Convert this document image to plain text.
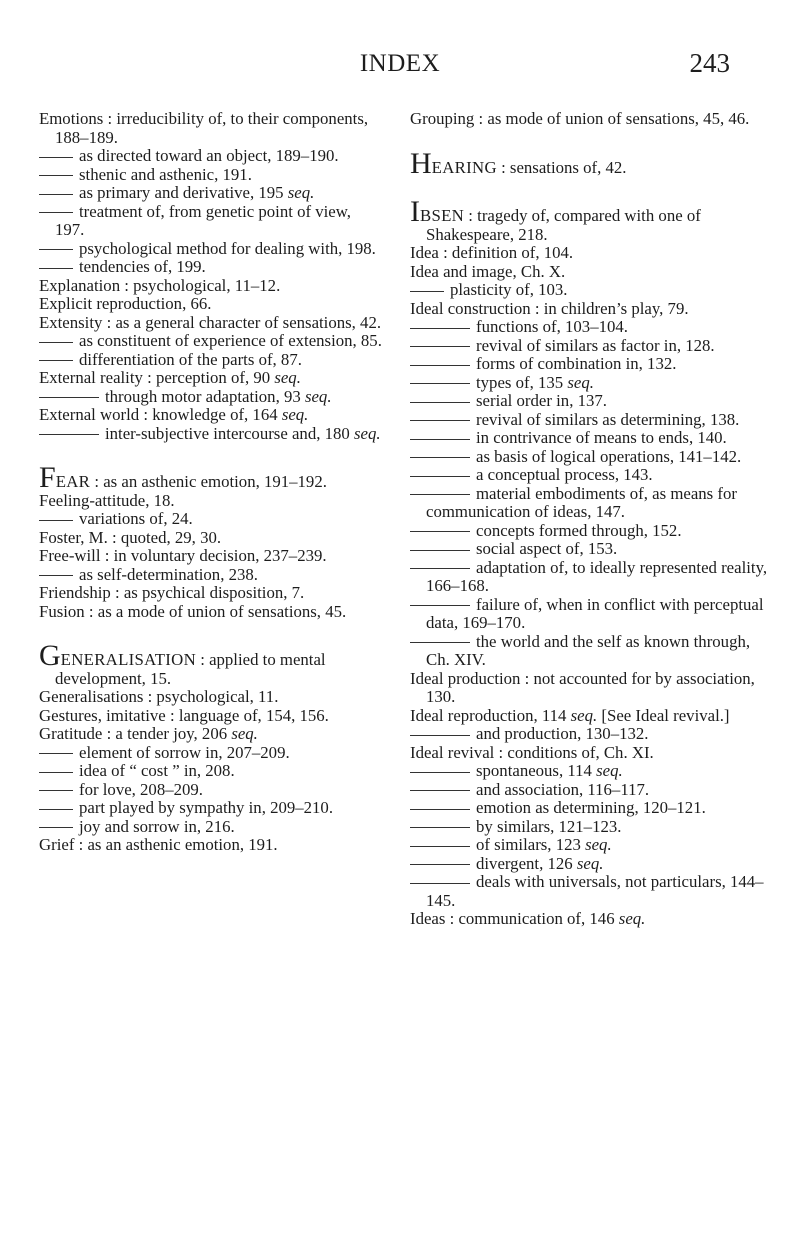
INDEX	243
Emotions : irreducibility of, to their components, 188–189.
as directed toward an object, 189–190.
sthenic and asthenic, 191.
as primary and derivative, 195 seq.
treatment of, from genetic point of view, 197.
psychological method for dealing with, 198.
tendencies of, 199.
Explanation : psychological, 11–12.
Explicit reproduction, 66.
Extensity : as a general character of sensations, 42.
as constituent of experience of extension, 85.
differentiation of the parts of, 87.
External reality : perception of, 90 seq.
through motor adaptation, 93 seq.
External world : knowledge of, 164 seq.
inter-subjective intercourse and, 180 seq.
FEAR : as an asthenic emotion, 191–192.
Feeling-attitude, 18.
variations of, 24.
Foster, M. : quoted, 29, 30.
Free-will : in voluntary decision, 237–239.
as self-determination, 238.
Friendship : as psychical disposition, 7.
Fusion : as a mode of union of sensations, 45.
GENERALISATION : applied to mental development, 15.
Generalisations : psychological, 11.
Gestures, imitative : language of, 154, 156.
Gratitude : a tender joy, 206 seq.
element of sorrow in, 207–209.
idea of “ cost ” in, 208.
for love, 208–209.
part played by sympathy in, 209–210.
joy and sorrow in, 216.
Grief : as an asthenic emotion, 191.
Grouping : as mode of union of sensations, 45, 46.
HEARING : sensations of, 42.
IBSEN : tragedy of, compared with one of Shakespeare, 218.
Idea : definition of, 104.
Idea and image, Ch. X.
plasticity of, 103.
Ideal construction : in children’s play, 79.
functions of, 103–104.
revival of similars as factor in, 128.
forms of combination in, 132.
types of, 135 seq.
serial order in, 137.
revival of similars as determining, 138.
in contrivance of means to ends, 140.
as basis of logical operations, 141–142.
a conceptual process, 143.
material embodiments of, as means for communication of ideas, 147.
concepts formed through, 152.
social aspect of, 153.
adaptation of, to ideally represented reality, 166–168.
failure of, when in conflict with perceptual data, 169–170.
the world and the self as known through, Ch. XIV.
Ideal production : not accounted for by association, 130.
Ideal reproduction, 114 seq. [See Ideal revival.]
and production, 130–132.
Ideal revival : conditions of, Ch. XI.
spontaneous, 114 seq.
and association, 116–117.
emotion as determining, 120–121.
by similars, 121–123.
of similars, 123 seq.
divergent, 126 seq.
deals with universals, not particulars, 144–145.
Ideas : communication of, 146 seq.
